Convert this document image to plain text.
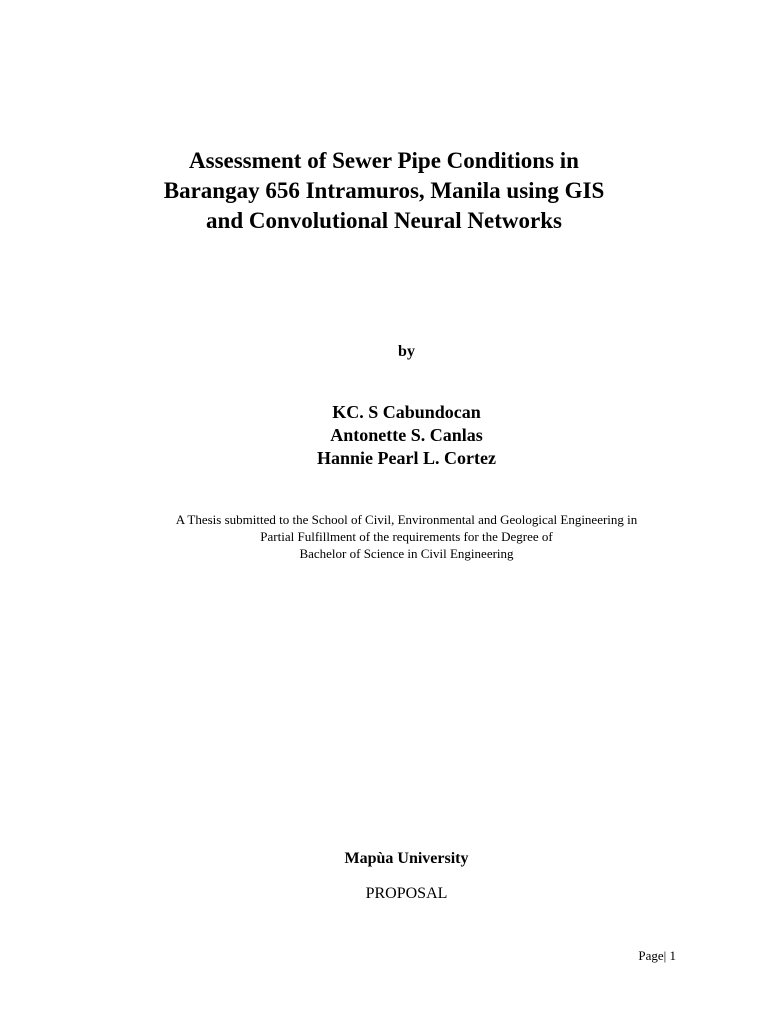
Assessment of Sewer Pipe Conditions in
Barangay 656 Intramuros, Manila using GIS
and Convolutional Neural Networks
by
KC. S Cabundocan
Antonette S. Canlas
Hannie Pearl L. Cortez
A Thesis submitted to the School of Civil, Environmental and Geological Engineering in
Partial Fulfillment of the requirements for the Degree of
Bachelor of Science in Civil Engineering
Mapùa University
PROPOSAL
Page| 1
